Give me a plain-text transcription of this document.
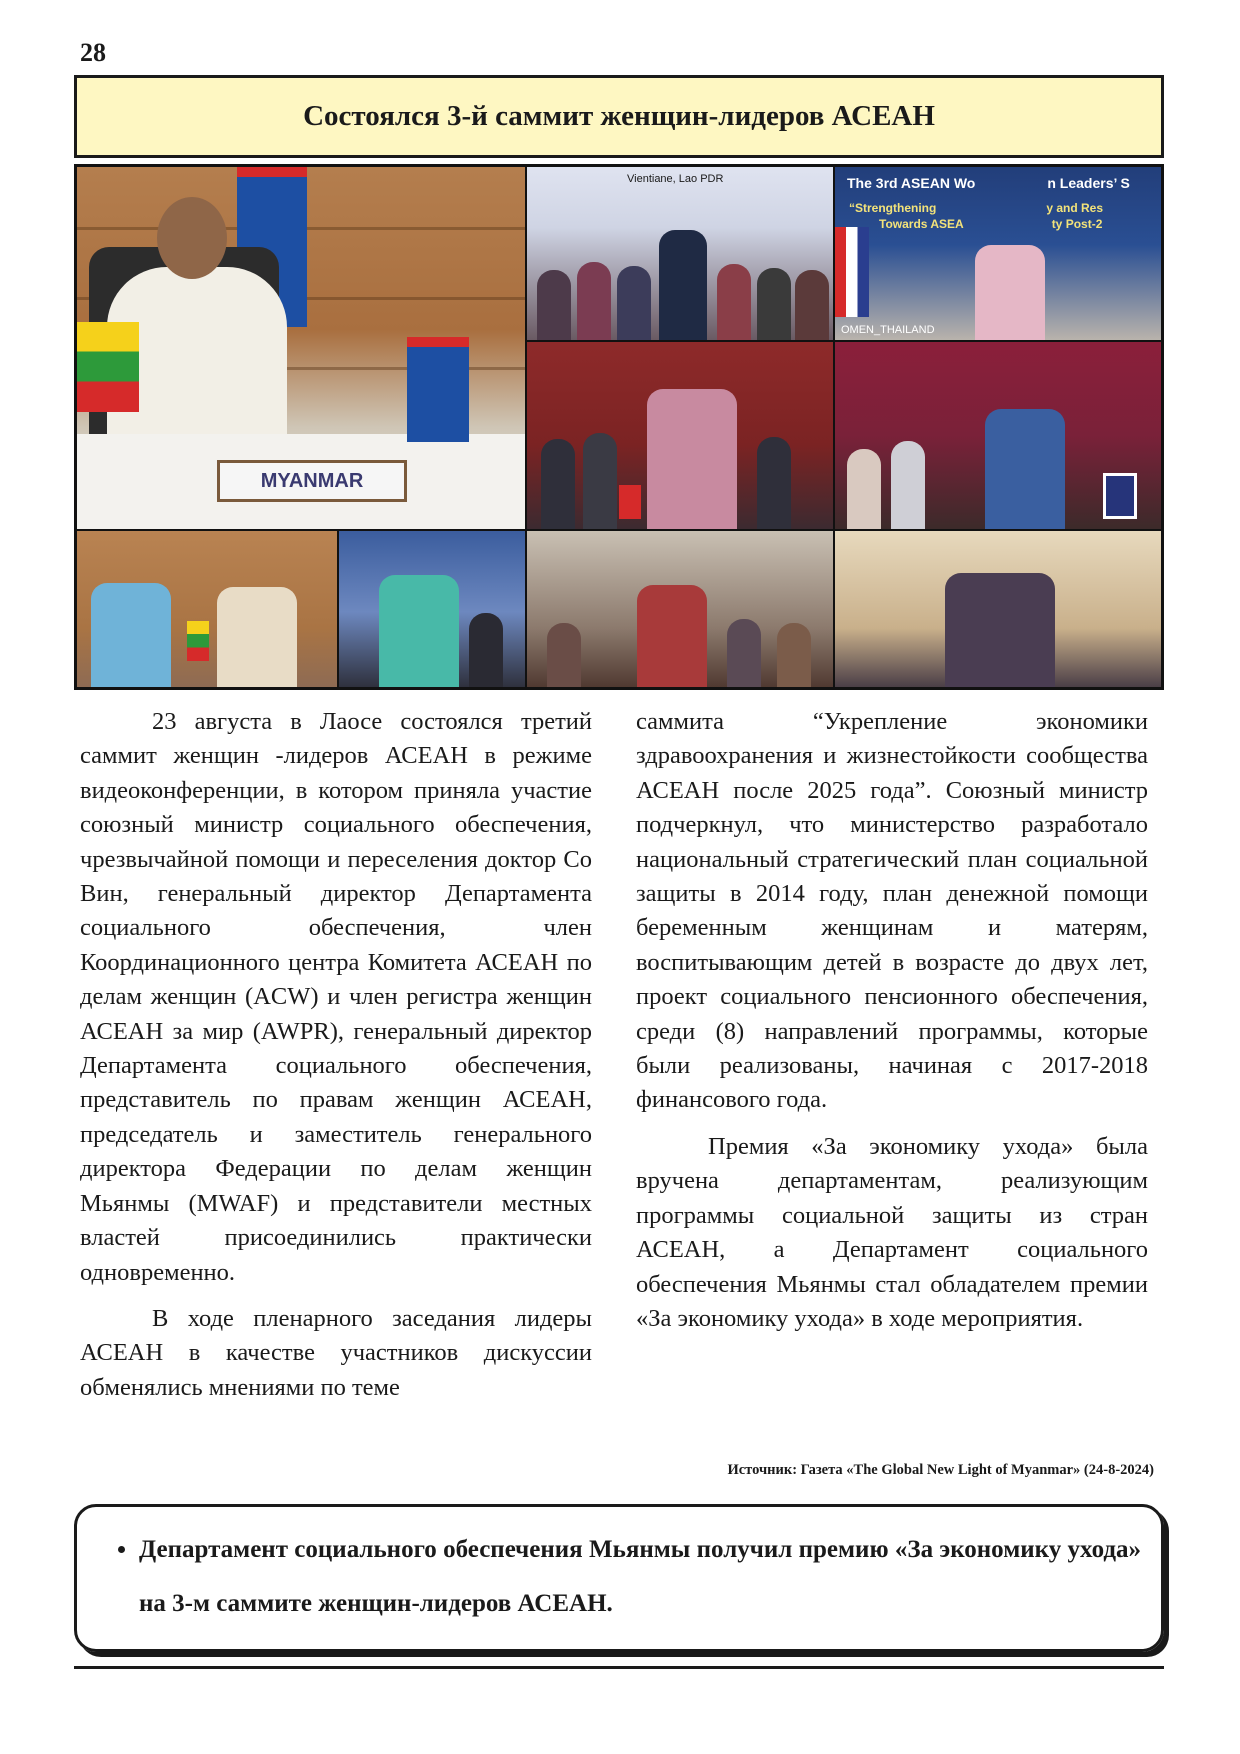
28
Состоялся 3-й саммит женщин-лидеров АСЕАН
MYANMAR
Vientiane, Lao PDR	The 3rd ASEAN Wo	n Leaders’ S
“Strengthening	y and Res
Towards ASEA	ty Post-2
OMEN_THAILAND

23 августа в Лаосе состоялся третий саммит женщин -лидеров АСЕАН в режиме видеоконференции, в котором приняла участие союзный министр социального обеспечения, чрезвычайной помощи и переселения доктор Со Вин, генеральный директор Департамента социального обеспечения, член Координационного центра Комитета АСЕАН по делам женщин (ACW) и член регистра женщин АСЕАН за мир (AWPR), генеральный директор Департамента социального обеспечения, представитель по правам женщин АСЕАН, председатель и заместитель генерального директора Федерации по делам женщин Мьянмы (MWAF) и представители местных властей присоединились практически одновременно.

В ходе пленарного заседания лидеры АСЕАН в качестве участников дискуссии обменялись мнениями по теме

саммита “Укрепление экономики здравоохранения и жизнестойкости сообщества АСЕАН после 2025 года”. Союзный министр подчеркнул, что министерство разработало национальный стратегический план социальной защиты в 2014 году, план денежной помощи беременным женщинам и матерям, воспитывающим детей в возрасте до двух лет, проект социального пенсионного обеспечения, среди (8) направлений программы, которые были реализованы, начиная с 2017-2018 финансового года.

Премия «За экономику ухода» была вручена департаментам, реализующим программы социальной защиты из стран АСЕАН, а Департамент социального обеспечения Мьянмы стал обладателем премии «За экономику ухода» в ходе мероприятия.

Источник: Газета «The Global New Light of Myanmar» (24-8-2024)
• Департамент социального обеспечения Мьянмы получил премию «За экономику ухода» на 3-м саммите женщин-лидеров АСЕАН.
